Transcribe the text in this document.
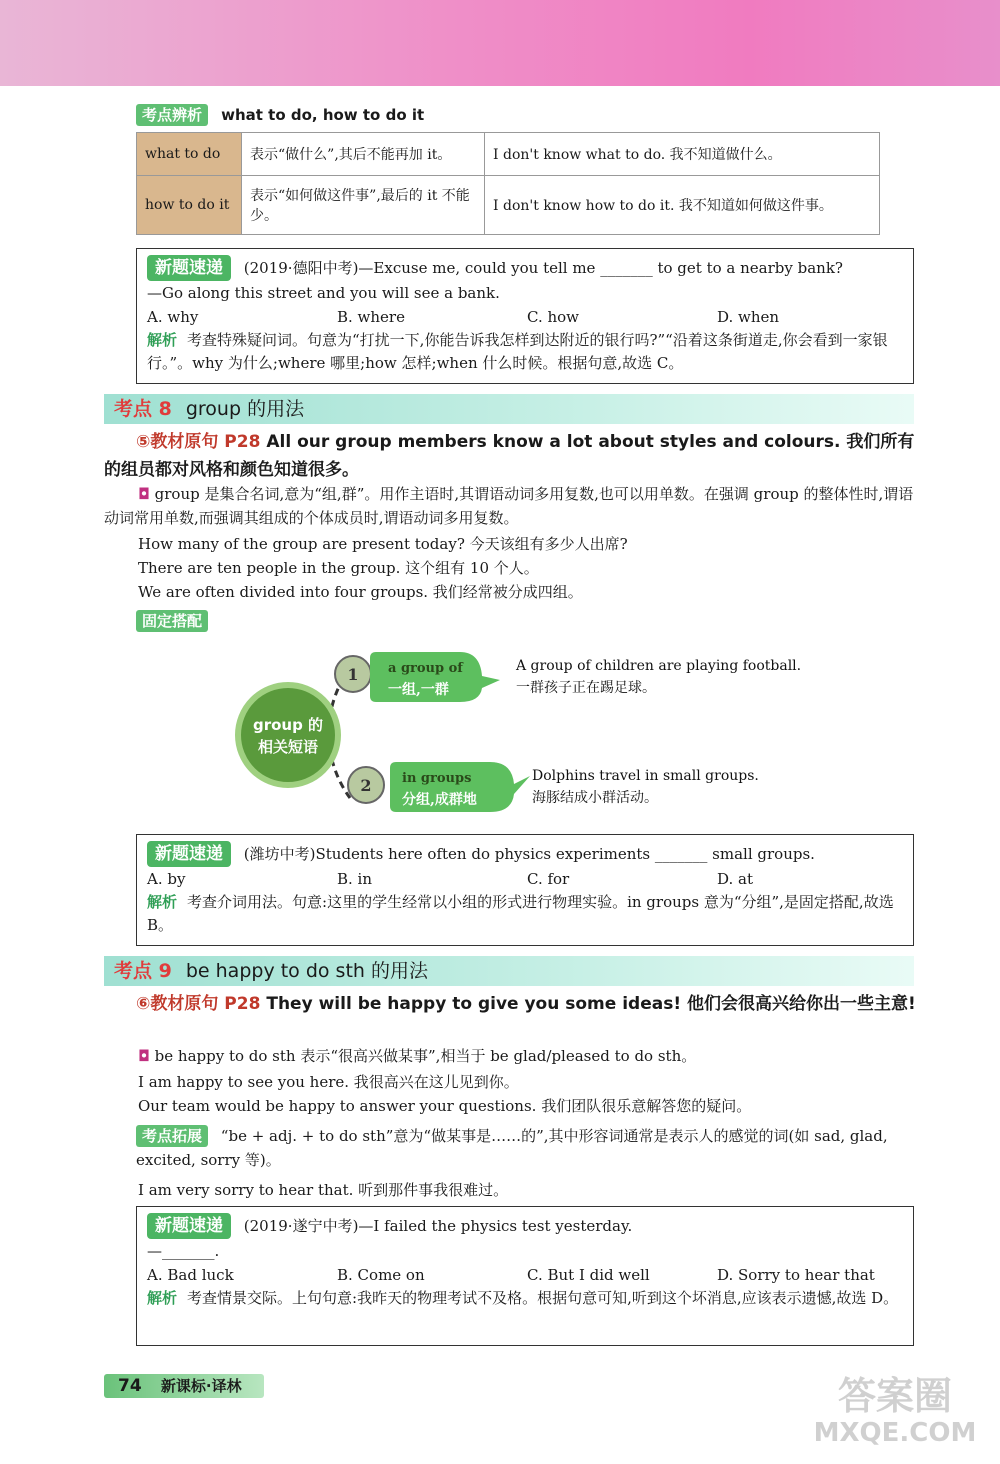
考点辨析 what to do, how to do it
what to do	表示“做什么”,其后不能再加 it。	I don't know what to do. 我不知道做什么。
how to do it	表示“如何做这件事”,最后的 it 不能少。	I don't know how to do it. 我不知道如何做这件事。
新题速递 (2019·德阳中考)—Excuse me, could you tell me _______ to get to a nearby bank?
—Go along this street and you will see a bank.
A. why	B. where	C. how	D. when
解析 考查特殊疑问词。句意为“打扰一下,你能告诉我怎样到达附近的银行吗?”“沿着这条街道走,你会看到一家银行。”。why 为什么;where 哪里;how 怎样;when 什么时候。根据句意,故选 C。
考点 8 group 的用法
⑤教材原句 P28 All our group members know a lot about styles and colours. 我们所有的组员都对风格和颜色知道很多。
◘ group 是集合名词,意为“组,群”。用作主语时,其谓语动词多用复数,也可以用单数。在强调 group 的整体性时,谓语动词常用单数,而强调其组成的个体成员时,谓语动词多用复数。
How many of the group are present today? 今天该组有多少人出席?
There are ten people in the group. 这个组有 10 个人。
We are often divided into four groups. 我们经常被分成四组。
固定搭配
group 的
相关短语
1 a group of
一组,一群
A group of children are playing football.
一群孩子正在踢足球。
2 in groups
分组,成群地
Dolphins travel in small groups.
海豚结成小群活动。
新题速递 (潍坊中考)Students here often do physics experiments _______ small groups.
A. by	B. in	C. for	D. at
解析 考查介词用法。句意:这里的学生经常以小组的形式进行物理实验。in groups 意为“分组”,是固定搭配,故选 B。
考点 9 be happy to do sth 的用法
⑥教材原句 P28 They will be happy to give you some ideas! 他们会很高兴给你出一些主意!
◘ be happy to do sth 表示“很高兴做某事”,相当于 be glad/pleased to do sth。
I am happy to see you here. 我很高兴在这儿见到你。
Our team would be happy to answer your questions. 我们团队很乐意解答您的疑问。
考点拓展 “be + adj. + to do sth”意为“做某事是……的”,其中形容词通常是表示人的感觉的词(如 sad, glad, excited, sorry 等)。
I am very sorry to hear that. 听到那件事我很难过。
新题速递 (2019·遂宁中考)—I failed the physics test yesterday.
—_______.
A. Bad luck	B. Come on	C. But I did well	D. Sorry to hear that
解析 考查情景交际。上句句意:我昨天的物理考试不及格。根据句意可知,听到这个坏消息,应该表示遗憾,故选 D。
74 新课标·译林	答案圈
MXQE.COM
